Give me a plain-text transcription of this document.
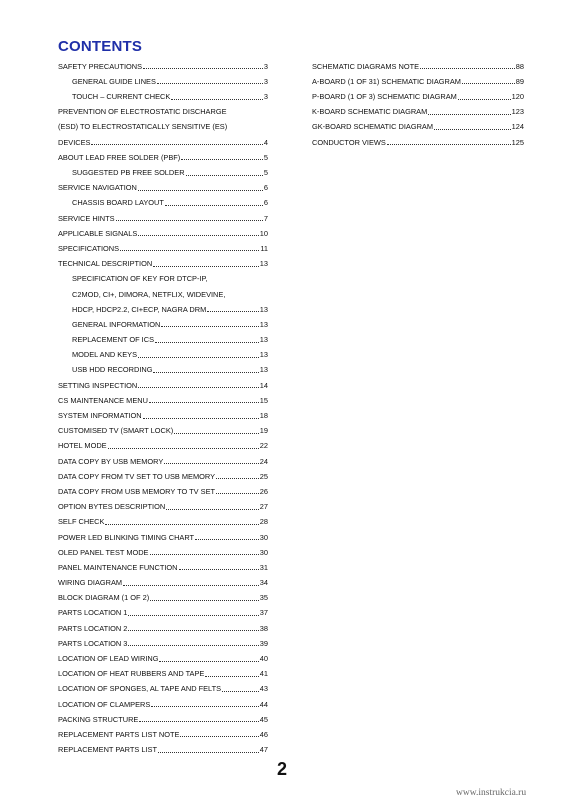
CONTENTS
SAFETY PRECAUTIONS	3
GENERAL GUIDE LINES	3
TOUCH – CURRENT CHECK	3
PREVENTION OF ELECTROSTATIC DISCHARGE
(ESD) TO ELECTROSTATICALLY SENSITIVE (ES)
DEVICES	4
ABOUT LEAD FREE SOLDER (PBF)	5
SUGGESTED PB FREE SOLDER	5
SERVICE NAVIGATION	6
CHASSIS BOARD LAYOUT	6
SERVICE HINTS	7
APPLICABLE SIGNALS	10
SPECIFICATIONS	11
TECHNICAL DESCRIPTION	13
SPECIFICATION OF KEY FOR DTCP-IP,
C2MOD, CI+, DIMORA, NETFLIX, WIDEVINE,
HDCP, HDCP2.2, CI+ECP, NAGRA DRM	13
GENERAL INFORMATION	13
REPLACEMENT OF ICS	13
MODEL AND KEYS	13
USB HDD RECORDING	13
SETTING INSPECTION	14
CS MAINTENANCE MENU	15
SYSTEM INFORMATION	18
CUSTOMISED TV (SMART LOCK)	19
HOTEL MODE	22
DATA COPY BY USB MEMORY	24
DATA COPY FROM TV SET TO USB MEMORY	25
DATA COPY FROM USB MEMORY TO TV SET	26
OPTION BYTES DESCRIPTION	27
SELF CHECK	28
POWER LED BLINKING TIMING CHART	30
OLED PANEL TEST MODE	30
PANEL MAINTENANCE FUNCTION	31
WIRING DIAGRAM	34
BLOCK DIAGRAM (1 OF 2)	35
PARTS LOCATION 1	37
PARTS LOCATION 2	38
PARTS LOCATION 3	39
LOCATION OF LEAD WIRING	40
LOCATION OF HEAT RUBBERS AND TAPE	41
LOCATION OF SPONGES, AL TAPE AND FELTS	43
LOCATION OF CLAMPERS	44
PACKING STRUCTURE	45
REPLACEMENT PARTS LIST NOTE	46
REPLACEMENT PARTS LIST	47
SCHEMATIC DIAGRAMS NOTE	88
A-BOARD (1 OF 31) SCHEMATIC DIAGRAM	89
P-BOARD (1 OF 3) SCHEMATIC DIAGRAM	120
K-BOARD SCHEMATIC DIAGRAM	123
GK-BOARD SCHEMATIC DIAGRAM	124
CONDUCTOR VIEWS	125
2
www.instrukcia.ru
